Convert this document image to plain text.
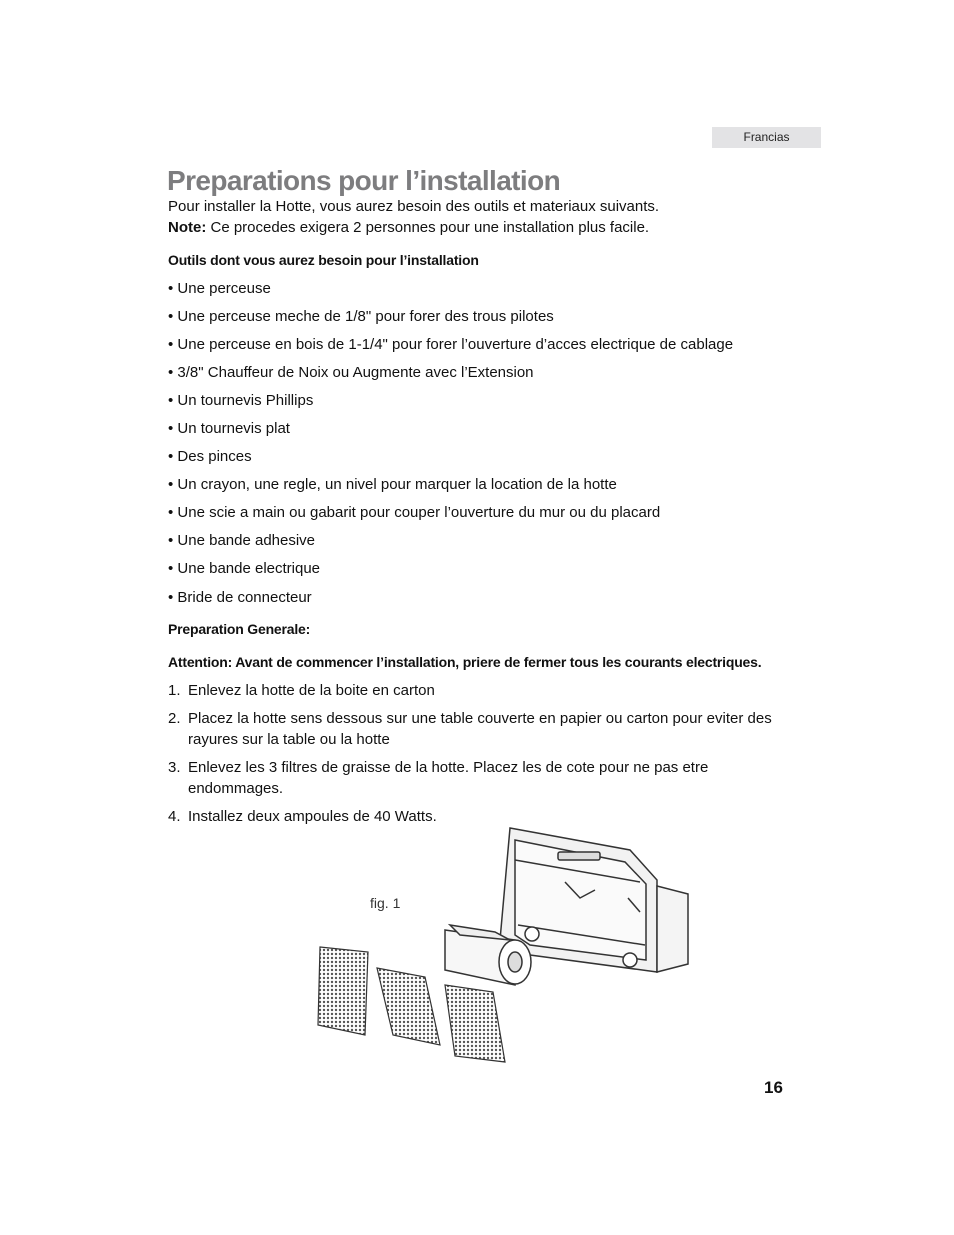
Francias
Preparations pour l’installation

Pour installer la Hotte, vous aurez besoin des outils et materiaux suivants.

Note: Ce procedes exigera 2 personnes pour une installation plus facile.

Outils dont vous aurez besoin pour l’installation

• Une perceuse
• Une perceuse meche de 1/8" pour forer des trous pilotes
• Une perceuse en bois de 1-1/4" pour forer l’ouverture d’acces electrique de cablage
• 3/8" Chauffeur de Noix ou Augmente avec l’Extension
• Un tournevis Phillips
• Un tournevis plat
• Des pinces
• Un crayon, une regle, un nivel pour marquer la location de la hotte
• Une scie a main ou gabarit pour couper l’ouverture du mur ou du placard
• Une bande adhesive
• Une bande electrique
• Bride de connecteur

Preparation Generale:

Attention: Avant de commencer l’installation, priere de fermer tous les courants electriques.

1. Enlevez la hotte de la boite en carton
2. Placez la hotte sens dessous sur une table couverte en papier ou carton pour eviter des rayures sur la table ou la hotte
3. Enlevez les 3 filtres de graisse de la hotte. Placez les de cote pour ne pas etre endommages.
4. Installez deux ampoules de 40 Watts.
fig. 1
16
